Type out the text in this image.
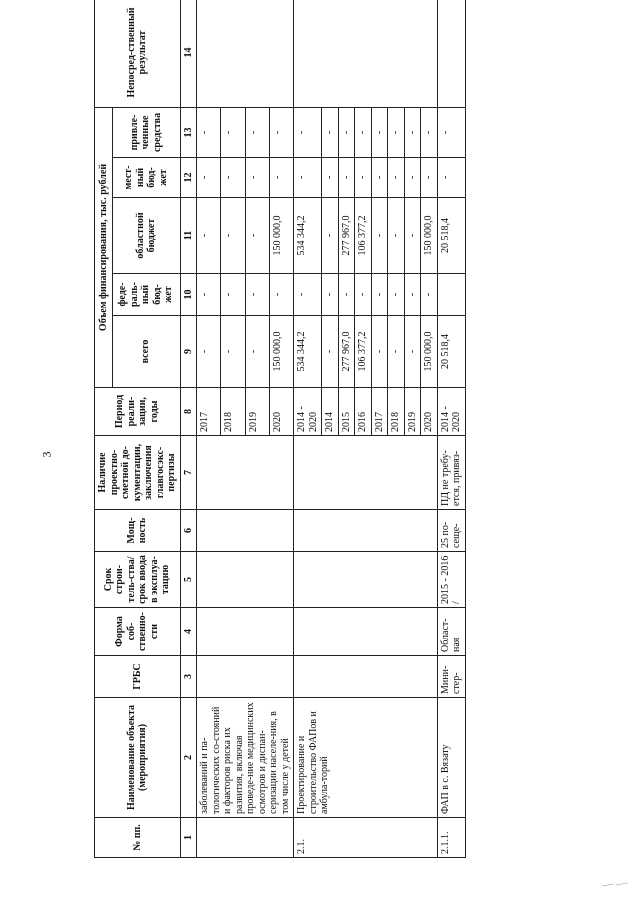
3
№ пп.	Наименование объекта (мероприятия)	ГРБС	Форма соб-ственно-сти	Срок строи-тель-ства/срок ввода в эксплуа-тацию	Мощ-ность	Наличие проектно-сметной до-кументации, заключения главгосэкс-пертизы	Период реали-зации, годы	Объем финансирования, тыс. рублей					Непосред-ственный результат
								всего	феде-раль-ный бюд-жет	областной бюджет	мест-ный бюд-жет	привле-ченные средства	
1	2	3	4	5	6	7	8	9	10	11	12	13	14
	заболеваний и па-тологических со-стояний и факторов риска их развития, включая проведе-ние медицинских осмотров и диспан-серизации населе-ния, в том числе у детей						2017	-	-	-	-	-	
							2018	-	-	-	-	-	
							2019	-	-	-	-	-	
							2020	150 000,0	-	150 000,0	-	-	
2.1.	Проектирование и строительство ФАПов и амбула-торий						2014 - 2020	534 344,2	-	534 344,2	-	-	
							2014	-	-	-	-	-	
							2015	277 967,0	-	277 967,0	-	-	
							2016	106 377,2	-	106 377,2	-	-	
							2017	-	-	-	-	-	
							2018	-	-	-	-	-	
							2019	-	-	-	-	-	
							2020	150 000,0	-	150 000,0	-	-	
2.1.1.	ФАП в с. Вязату	Мини-стер-	Област-ная	2015 - 2016 /	25 по-сеще-	ПД не требу-ется, привяз-	2014 - 2020	20 518,4		20 518,4	-	-	
